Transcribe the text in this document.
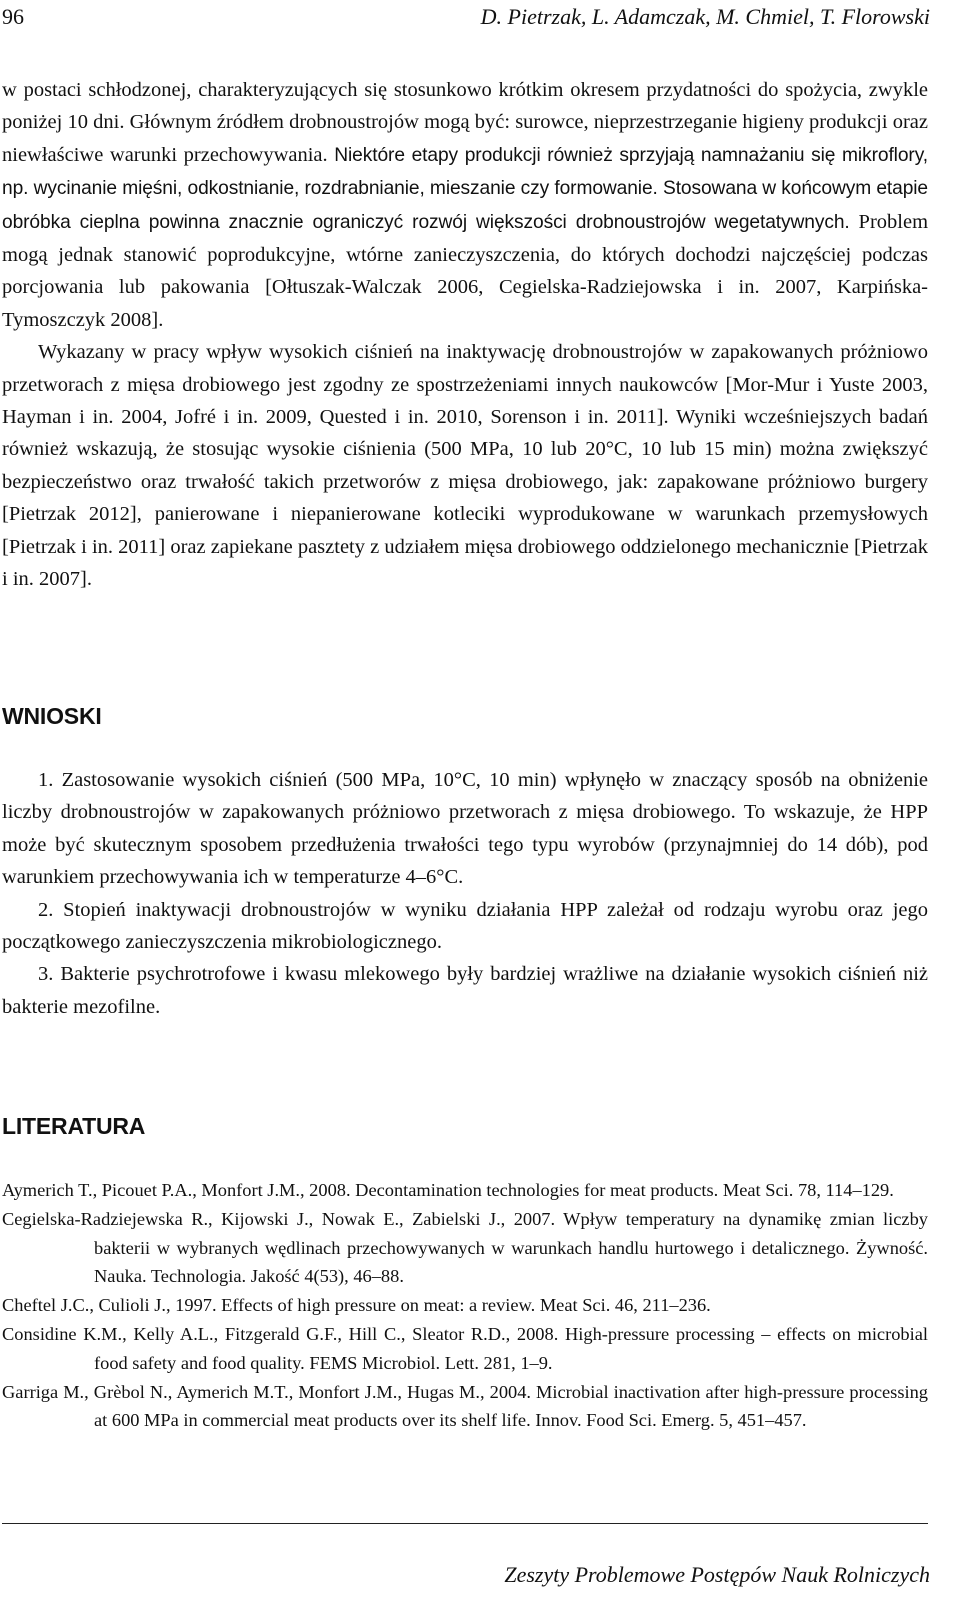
96	D. Pietrzak, L. Adamczak, M. Chmiel, T. Florowski

w postaci schłodzonej, charakteryzujących się stosunkowo krótkim okresem przydatności do spożycia, zwykle poniżej 10 dni. Głównym źródłem drobnoustrojów mogą być: surowce, nieprzestrzeganie higieny produkcji oraz niewłaściwe warunki przechowywania. Niektóre etapy produkcji również sprzyjają namnażaniu się mikroflory, np. wycinanie mięśni, odkostnianie, rozdrabnianie, mieszanie czy formowanie. Stosowana w końcowym etapie obróbka cieplna powinna znacznie ograniczyć rozwój większości drobnoustrojów wegetatywnych. Problem mogą jednak stanowić poprodukcyjne, wtórne zanieczyszczenia, do których dochodzi najczęściej podczas porcjowania lub pakowania [Ołtuszak-Walczak 2006, Cegielska-Radziejowska i in. 2007, Karpińska-Tymoszczyk 2008].

Wykazany w pracy wpływ wysokich ciśnień na inaktywację drobnoustrojów w zapakowanych próżniowo przetworach z mięsa drobiowego jest zgodny ze spostrzeżeniami innych naukowców [Mor-Mur i Yuste 2003, Hayman i in. 2004, Jofré i in. 2009, Quested i in. 2010, Sorenson i in. 2011]. Wyniki wcześniejszych badań również wskazują, że stosując wysokie ciśnienia (500 MPa, 10 lub 20°C, 10 lub 15 min) można zwiększyć bezpieczeństwo oraz trwałość takich przetworów z mięsa drobiowego, jak: zapakowane próżniowo burgery [Pietrzak 2012], panierowane i niepanierowane kotleciki wyprodukowane w warunkach przemysłowych [Pietrzak i in. 2011] oraz zapiekane pasztety z udziałem mięsa drobiowego oddzielonego mechanicznie [Pietrzak i in. 2007].

WNIOSKI

1. Zastosowanie wysokich ciśnień (500 MPa, 10°C, 10 min) wpłynęło w znaczący sposób na obniżenie liczby drobnoustrojów w zapakowanych próżniowo przetworach z mięsa drobiowego. To wskazuje, że HPP może być skutecznym sposobem przedłużenia trwałości tego typu wyrobów (przynajmniej do 14 dób), pod warunkiem przechowywania ich w temperaturze 4–6°C.

2. Stopień inaktywacji drobnoustrojów w wyniku działania HPP zależał od rodzaju wyrobu oraz jego początkowego zanieczyszczenia mikrobiologicznego.

3. Bakterie psychrotrofowe i kwasu mlekowego były bardziej wrażliwe na działanie wysokich ciśnień niż bakterie mezofilne.

LITERATURA

Aymerich T., Picouet P.A., Monfort J.M., 2008. Decontamination technologies for meat products. Meat Sci. 78, 114–129.

Cegielska-Radziejewska R., Kijowski J., Nowak E., Zabielski J., 2007. Wpływ temperatury na dynamikę zmian liczby bakterii w wybranych wędlinach przechowywanych w warunkach handlu hurtowego i detalicznego. Żywność. Nauka. Technologia. Jakość 4(53), 46–88.

Cheftel J.C., Culioli J., 1997. Effects of high pressure on meat: a review. Meat Sci. 46, 211–236.

Considine K.M., Kelly A.L., Fitzgerald G.F., Hill C., Sleator R.D., 2008. High-pressure processing – effects on microbial food safety and food quality. FEMS Microbiol. Lett. 281, 1–9.

Garriga M., Grèbol N., Aymerich M.T., Monfort J.M., Hugas M., 2004. Microbial inactivation after high-pressure processing at 600 MPa in commercial meat products over its shelf life. Innov. Food Sci. Emerg. 5, 451–457.

Zeszyty Problemowe Postępów Nauk Rolniczych
